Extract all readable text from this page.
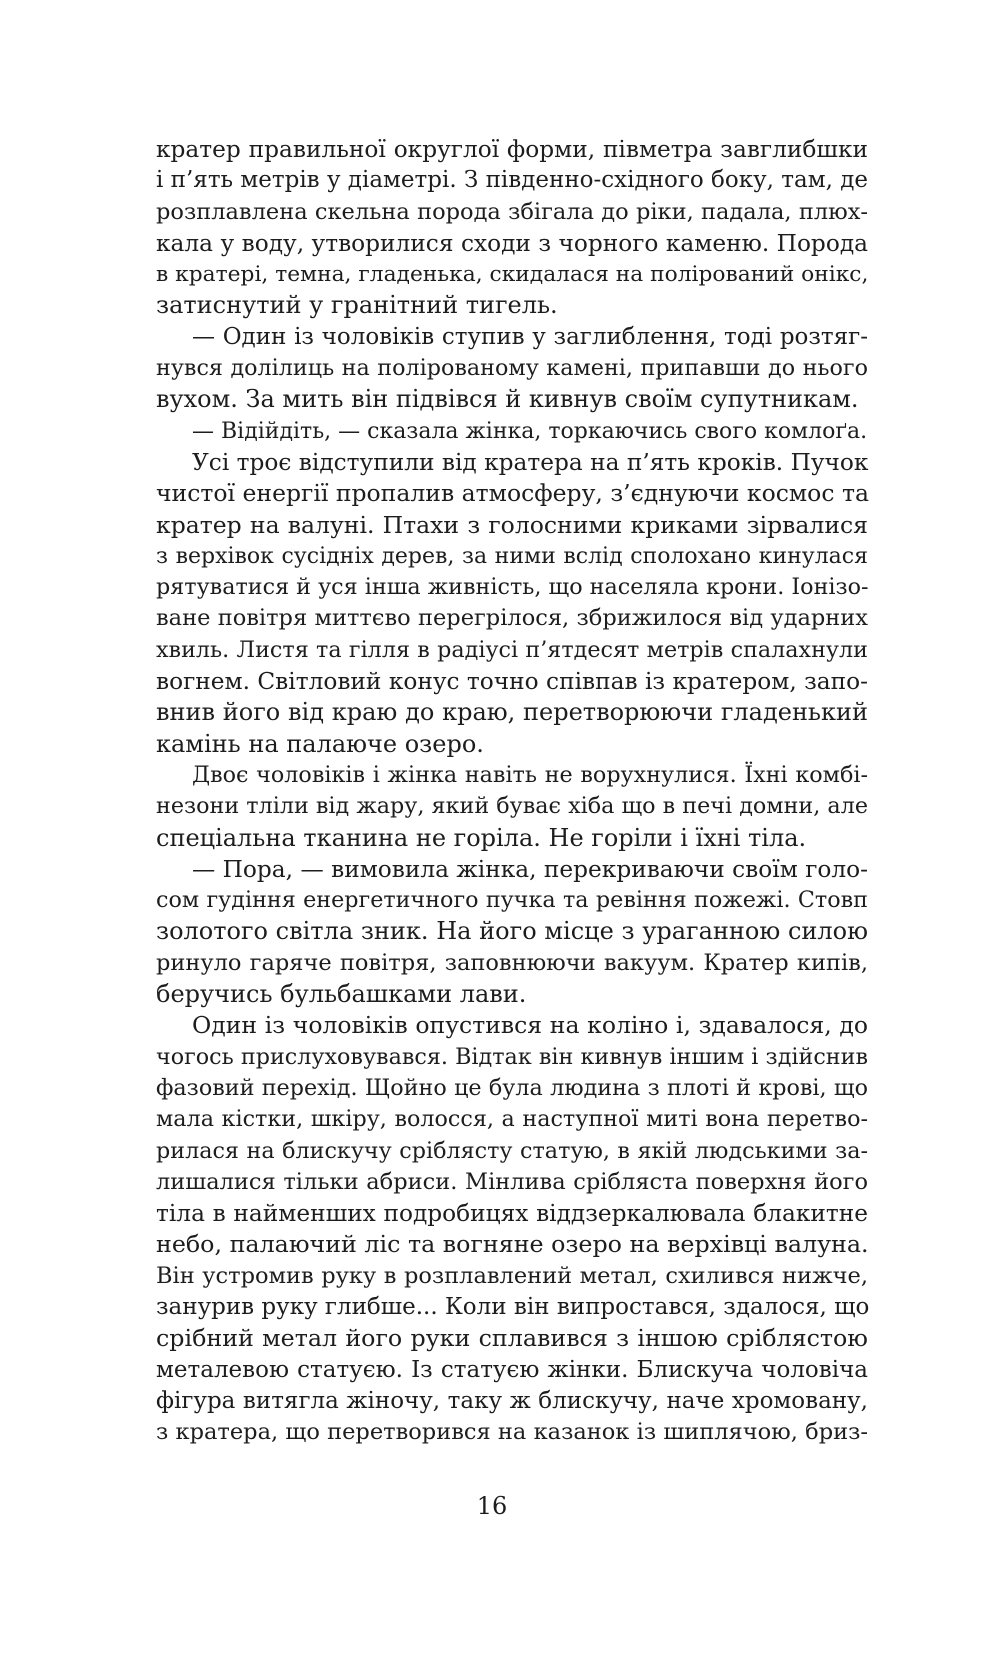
кратер правильної округлої форми, півметра завглибшки
і п’ять метрів у діаметрі. З південно-східного боку, там, де
розплавлена скельна порода збігала до ріки, падала, плюх-
кала у воду, утворилися сходи з чорного каменю. Порода
в кратері, темна, гладенька, скидалася на полірований онікс,
затиснутий у гранітний тигель.
— Один із чоловіків ступив у заглиблення, тоді розтяг-
нувся долілиць на полірованому камені, припавши до нього
вухом. За мить він підвівся й кивнув своїм супутникам.
— Відійдіть, — сказала жінка, торкаючись свого комлоґа.
Усі троє відступили від кратера на п’ять кроків. Пучок
чистої енергії пропалив атмосферу, з’єднуючи космос та
кратер на валуні. Птахи з голосними криками зірвалися
з верхівок сусідніх дерев, за ними вслід сполохано кинулася
рятуватися й уся інша живність, що населяла крони. Іонізо-
ване повітря миттєво перегрілося, збрижилося від ударних
хвиль. Листя та гілля в радіусі п’ятдесят метрів спалахнули
вогнем. Світловий конус точно співпав із кратером, запо-
внив його від краю до краю, перетворюючи гладенький
камінь на палаюче озеро.
Двоє чоловіків і жінка навіть не ворухнулися. Їхні комбі-
незони тліли від жару, який буває хіба що в печі домни, але
спеціальна тканина не горіла. Не горіли і їхні тіла.
— Пора, — вимовила жінка, перекриваючи своїм голо-
сом гудіння енергетичного пучка та ревіння пожежі. Стовп
золотого світла зник. На його місце з ураганною силою
ринуло гаряче повітря, заповнюючи вакуум. Кратер кипів,
беручись бульбашками лави.
Один із чоловіків опустився на коліно і, здавалося, до
чогось прислуховувався. Відтак він кивнув іншим і здійснив
фазовий перехід. Щойно це була людина з плоті й крові, що
мала кістки, шкіру, волосся, а наступної миті вона перетво-
рилася на блискучу сріблясту статую, в якій людськими за-
лишалися тільки абриси. Мінлива срібляста поверхня його
тіла в найменших подробицях віддзеркалювала блакитне
небо, палаючий ліс та вогняне озеро на верхівці валуна.
Він устромив руку в розплавлений метал, схилився нижче,
занурив руку глибше... Коли він випростався, здалося, що
срібний метал його руки сплавився з іншою сріблястою
металевою статуєю. Із статуєю жінки. Блискуча чоловіча
фігура витягла жіночу, таку ж блискучу, наче хромовану,
з кратера, що перетворився на казанок із шиплячою, бриз-
16
